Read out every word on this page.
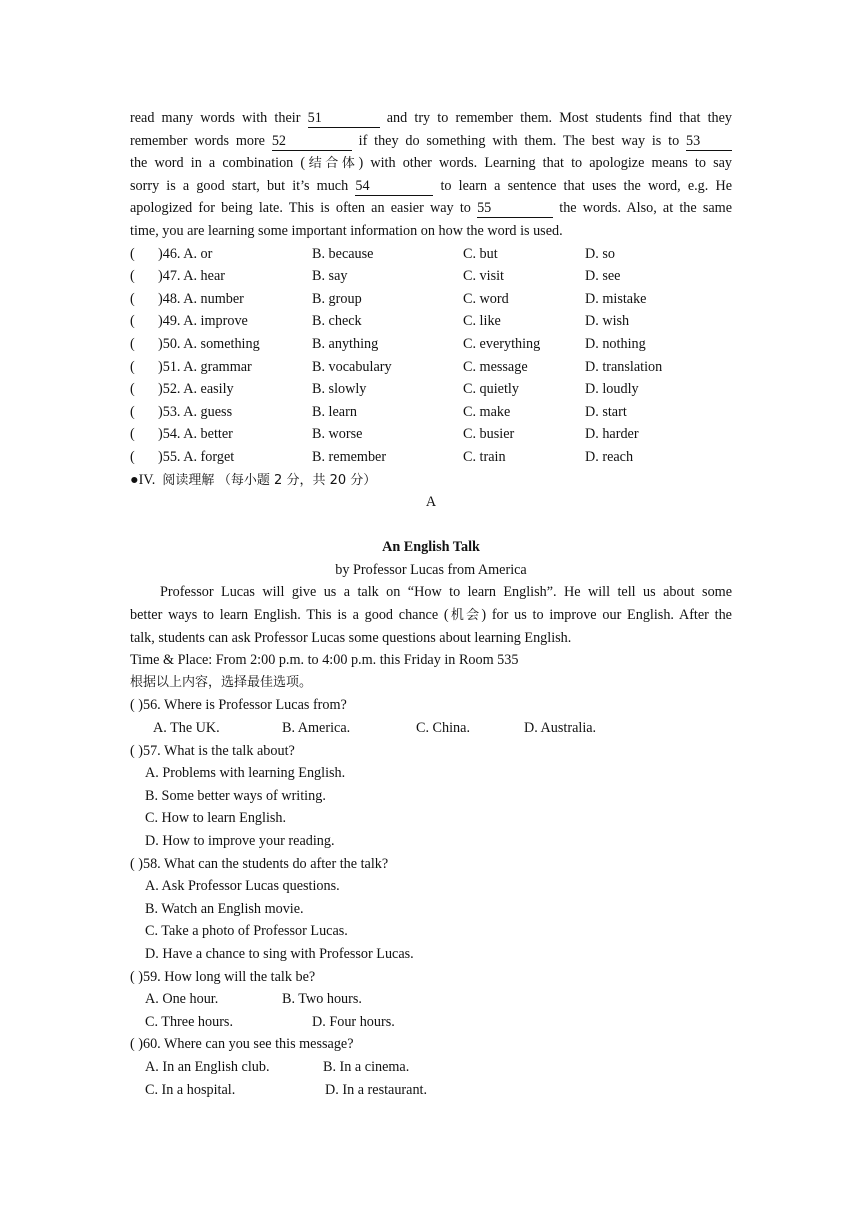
read many words with their 51	and try to remember them. Most students find that they
remember words more 52	if they do something with them. The best way is to 53
the word in a combination (结合体) with other words. Learning that to apologize means to say
sorry is a good start, but it’s much 54	to learn a sentence that uses the word, e.g. He
apologized for being late. This is often an easier way to 55	the words. Also, at the same
time, you are learning some important information on how the word is used.
( )46. A. or	B. because	C. but	D. so
( )47. A. hear	B. say	C. visit	D. see
( )48. A. number	B. group	C. word	D. mistake
( )49. A. improve	B. check	C. like	D. wish
( )50. A. something	B. anything	C. everything	D. nothing
( )51. A. grammar	B. vocabulary	C. message	D. translation
( )52. A. easily	B. slowly	C. quietly	D. loudly
( )53. A. guess	B. learn	C. make	D. start
( )54. A. better	B. worse	C. busier	D. harder
( )55. A. forget	B. remember	C. train	D. reach
●IV. 阅读理解 （每小题 2 分，共 20 分）
A
An English Talk
by Professor Lucas from America
Professor Lucas will give us a talk on “How to learn English”. He will tell us about some
better ways to learn English. This is a good chance (机会) for us to improve our English. After the
talk, students can ask Professor Lucas some questions about learning English.
Time & Place: From 2:00 p.m. to 4:00 p.m. this Friday in Room 535
根据以上内容，选择最佳选项。
( )56. Where is Professor Lucas from?
A. The UK.	B. America.	C. China.	D. Australia.
( )57. What is the talk about?
A. Problems with learning English.
B. Some better ways of writing.
C. How to learn English.
D. How to improve your reading.
( )58. What can the students do after the talk?
A. Ask Professor Lucas questions.
B. Watch an English movie.
C. Take a photo of Professor Lucas.
D. Have a chance to sing with Professor Lucas.
( )59. How long will the talk be?
A. One hour.	B. Two hours.
C. Three hours.	D. Four hours.
( )60. Where can you see this message?
A. In an English club.	B. In a cinema.
C. In a hospital.	D. In a restaurant.
